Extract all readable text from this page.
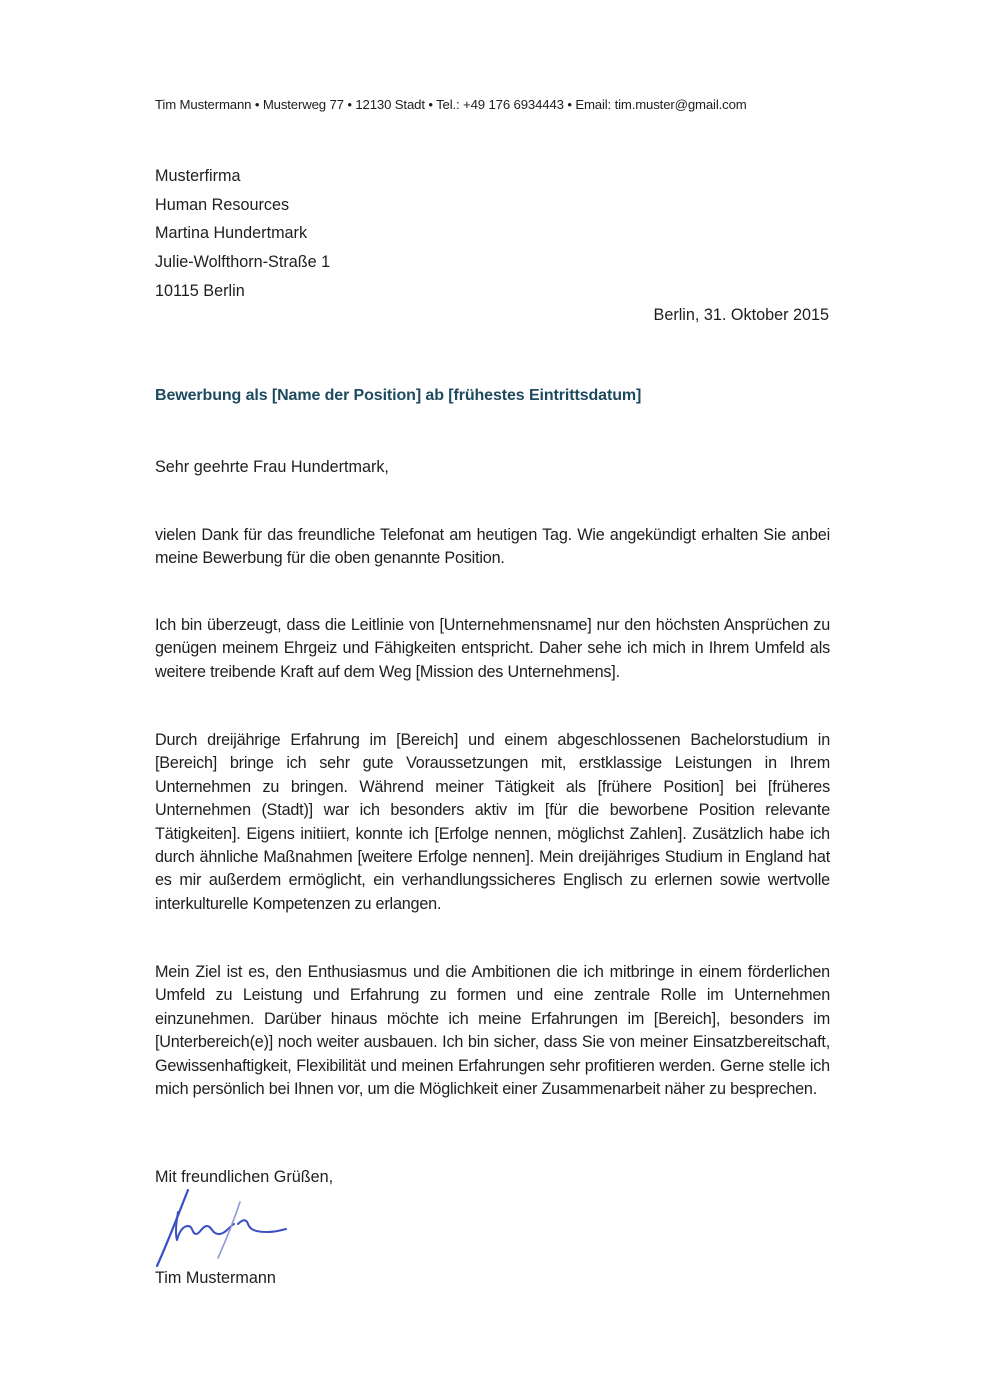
Tim Mustermann • Musterweg 77 • 12130 Stadt • Tel.: +49 176 6934443 • Email: tim.muster@gmail.com
Musterfirma
Human Resources
Martina Hundertmark
Julie-Wolfthorn-Straße 1
10115 Berlin
Berlin, 31. Oktober 2015
Bewerbung als [Name der Position] ab [frühestes Eintrittsdatum]
Sehr geehrte Frau Hundertmark,
vielen Dank für das freundliche Telefonat am heutigen Tag. Wie angekündigt erhalten Sie anbei meine Bewerbung für die oben genannte Position.
Ich bin überzeugt, dass die Leitlinie von [Unternehmensname] nur den höchsten Ansprüchen zu genügen meinem Ehrgeiz und Fähigkeiten entspricht. Daher sehe ich mich in Ihrem Umfeld als weitere treibende Kraft auf dem Weg [Mission des Unternehmens].
Durch dreijährige Erfahrung im [Bereich] und einem abgeschlossenen Bachelorstudium in [Bereich] bringe ich sehr gute Voraussetzungen mit, erstklassige Leistungen in Ihrem Unternehmen zu bringen. Während meiner Tätigkeit als [frühere Position] bei [früheres Unternehmen (Stadt)] war ich besonders aktiv im [für die beworbene Position relevante Tätigkeiten]. Eigens initiiert, konnte ich [Erfolge nennen, möglichst Zahlen]. Zusätzlich habe ich durch ähnliche Maßnahmen [weitere Erfolge nennen]. Mein dreijähriges Studium in England hat es mir außerdem ermöglicht, ein verhandlungssicheres Englisch zu erlernen sowie wertvolle interkulturelle Kompetenzen zu erlangen.
Mein Ziel ist es, den Enthusiasmus und die Ambitionen die ich mitbringe in einem förderlichen Umfeld zu Leistung und Erfahrung zu formen und eine zentrale Rolle im Unternehmen einzunehmen. Darüber hinaus möchte ich meine Erfahrungen im [Bereich], besonders im [Unterbereich(e)] noch weiter ausbauen. Ich bin sicher, dass Sie von meiner Einsatzbereitschaft, Gewissenhaftigkeit, Flexibilität und meinen Erfahrungen sehr profitieren werden. Gerne stelle ich mich persönlich bei Ihnen vor, um die Möglichkeit einer Zusammenarbeit näher zu besprechen.
Mit freundlichen Grüßen,
Tim Mustermann
